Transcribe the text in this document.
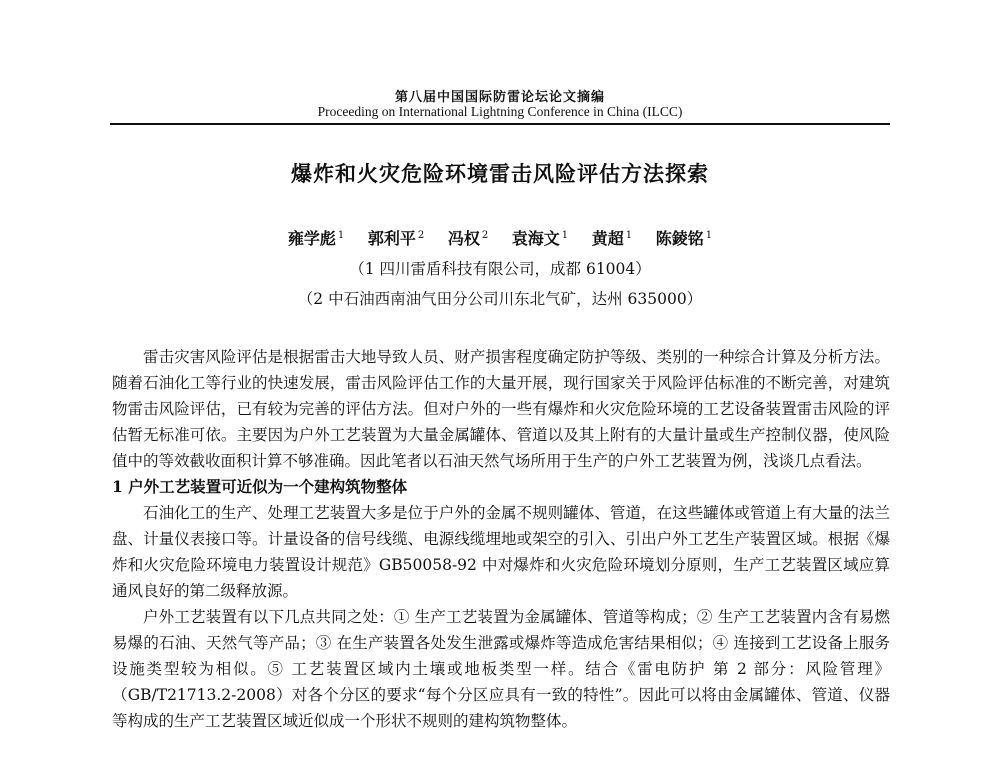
第八届中国国际防雷论坛论文摘编
Proceeding on International Lightning Conference in China (ILCC)
爆炸和火灾危险环境雷击风险评估方法探索
雍学彪 $^1$ 郭利平 $^2$ 冯权 $^2$ 袁海文 $^1$ 黄超 $^1$ 陈錂铭 $^1$
（1 四川雷盾科技有限公司，成都 61004）
（2 中石油西南油气田分公司川东北气矿，达州 635000）

雷击灾害风险评估是根据雷击大地导致人员、财产损害程度确定防护等级、类别的一种综合计算及分析方法。随着石油化工等行业的快速发展，雷击风险评估工作的大量开展，现行国家关于风险评估标准的不断完善，对建筑物雷击风险评估，已有较为完善的评估方法。但对户外的一些有爆炸和火灾危险环境的工艺设备装置雷击风险的评估暂无标准可依。主要因为户外工艺装置为大量金属罐体、管道以及其上附有的大量计量或生产控制仪器，使风险值中的等效截收面积计算不够准确。因此笔者以石油天然气场所用于生产的户外工艺装置为例，浅谈几点看法。

1 户外工艺装置可近似为一个建构筑物整体

石油化工的生产、处理工艺装置大多是位于户外的金属不规则罐体、管道，在这些罐体或管道上有大量的法兰盘、计量仪表接口等。计量设备的信号线缆、电源线缆埋地或架空的引入、引出户外工艺生产装置区域。根据《爆炸和火灾危险环境电力装置设计规范》GB50058-92 中对爆炸和火灾危险环境划分原则，生产工艺装置区域应算通风良好的第二级释放源。

户外工艺装置有以下几点共同之处：① 生产工艺装置为金属罐体、管道等构成；② 生产工艺装置内含有易燃易爆的石油、天然气等产品；③ 在生产装置各处发生泄露或爆炸等造成危害结果相似；④ 连接到工艺设备上服务设施类型较为相似。⑤ 工艺装置区域内土壤或地板类型一样。结合《雷电防护 第 2 部分：风险管理》（GB/T21713.2-2008）对各个分区的要求“每个分区应具有一致的特性”。因此可以将由金属罐体、管道、仪器等构成的生产工艺装置区域近似成一个形状不规则的建构筑物整体。
